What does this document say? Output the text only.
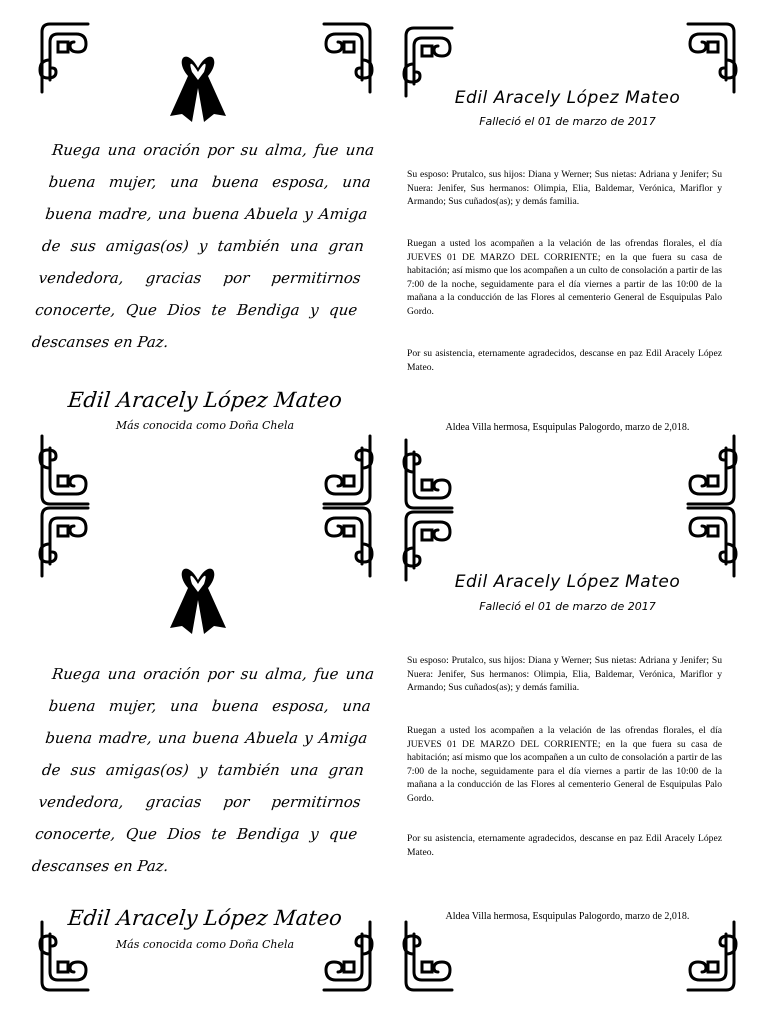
Ruega una oración por su alma, fue una buena mujer, una buena esposa, una buena madre, una buena Abuela y Amiga de sus amigas(os) y también una gran vendedora, gracias por permitirnos conocerte, Que Dios te Bendiga y que descanses en Paz.

Edil Aracely López Mateo
Más conocida como Doña Chela
Edil Aracely López Mateo
Falleció el 01 de marzo de 2017

Su esposo: Prutalco, sus hijos: Diana y Werner; Sus nietas: Adriana y Jenifer; Su Nuera: Jenifer, Sus hermanos: Olimpia, Elia, Baldemar, Verónica, Mariflor y Armando; Sus cuñados(as); y demás familia.

Ruegan a usted los acompañen a la velación de las ofrendas florales, el día JUEVES 01 DE MARZO DEL CORRIENTE; en la que fuera su casa de habitación; así mismo que los acompañen a un culto de consolación a partir de las 7:00 de la noche, seguidamente para el día viernes a partir de las 10:00 de la mañana a la conducción de las Flores al cementerio General de Esquipulas Palo Gordo.

Por su asistencia, eternamente agradecidos, descanse en paz Edil Aracely López Mateo.

Aldea Villa hermosa, Esquipulas Palogordo, marzo de 2,018.

Ruega una oración por su alma, fue una buena mujer, una buena esposa, una buena madre, una buena Abuela y Amiga de sus amigas(os) y también una gran vendedora, gracias por permitirnos conocerte, Que Dios te Bendiga y que descanses en Paz.

Edil Aracely López Mateo
Más conocida como Doña Chela
Edil Aracely López Mateo
Falleció el 01 de marzo de 2017

Su esposo: Prutalco, sus hijos: Diana y Werner; Sus nietas: Adriana y Jenifer; Su Nuera: Jenifer, Sus hermanos: Olimpia, Elia, Baldemar, Verónica, Mariflor y Armando; Sus cuñados(as); y demás familia.

Ruegan a usted los acompañen a la velación de las ofrendas florales, el día JUEVES 01 DE MARZO DEL CORRIENTE; en la que fuera su casa de habitación; así mismo que los acompañen a un culto de consolación a partir de las 7:00 de la noche, seguidamente para el día viernes a partir de las 10:00 de la mañana a la conducción de las Flores al cementerio General de Esquipulas Palo Gordo.

Por su asistencia, eternamente agradecidos, descanse en paz Edil Aracely López Mateo.

Aldea Villa hermosa, Esquipulas Palogordo, marzo de 2,018.
